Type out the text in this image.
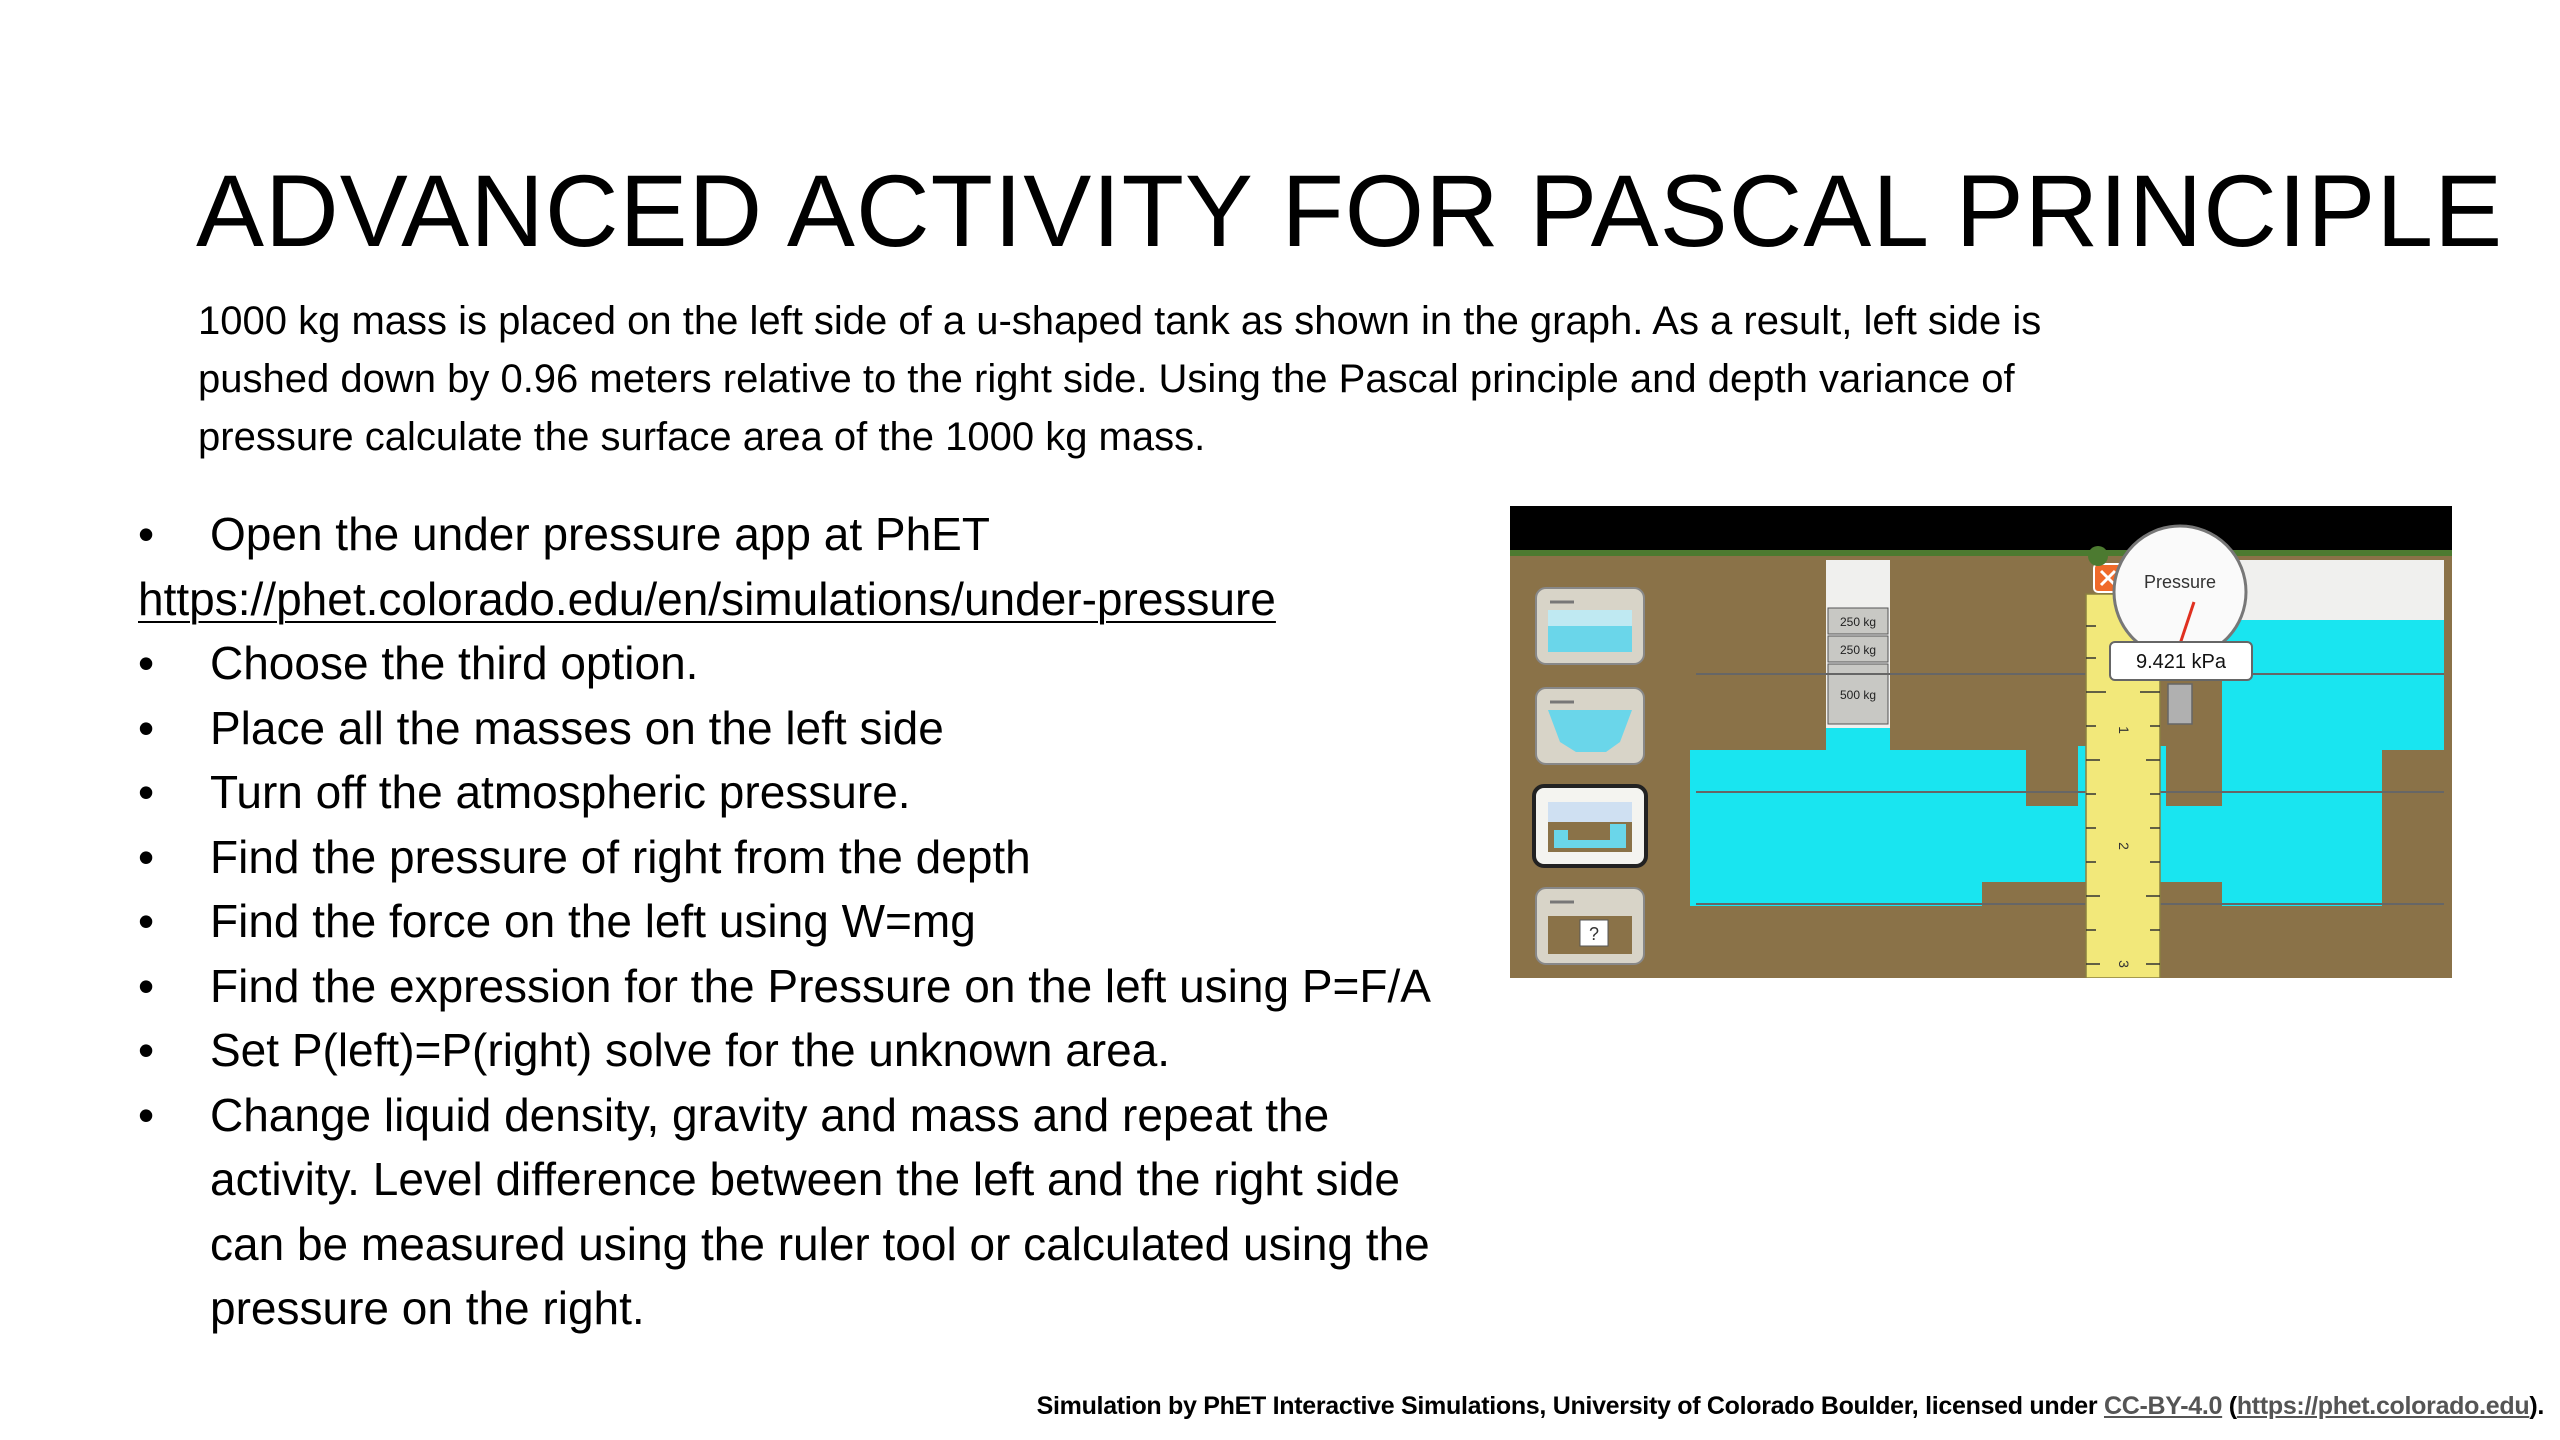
ADVANCED ACTIVITY FOR PASCAL PRINCIPLE
1000 kg mass is placed on the left side of a u-shaped tank as shown in the graph. As a result, left side is
pushed down by 0.96 meters relative to the right side. Using the Pascal principle and depth variance of
pressure calculate the surface area of the 1000 kg mass.
• Open the under pressure app at PhET
https://phet.colorado.edu/en/simulations/under-pressure
• Choose the third option.
• Place all the masses on the left side
• Turn off the atmospheric pressure.
• Find the pressure of right from the depth
• Find the force on the left using W=mg
• Find the expression for the Pressure on the left using P=F/A
• Set P(left)=P(right) solve for the unknown area.
• Change liquid density, gravity and mass and repeat the
activity. Level difference between the left and the right side
can be measured using the ruler tool or calculated using the
pressure on the right.
250 kg
250 kg
500 kg
1
2
3
Pressure
9.421 kPa
?
Simulation by PhET Interactive Simulations, University of Colorado Boulder, licensed under CC-BY-4.0 (https://phet.colorado.edu).
